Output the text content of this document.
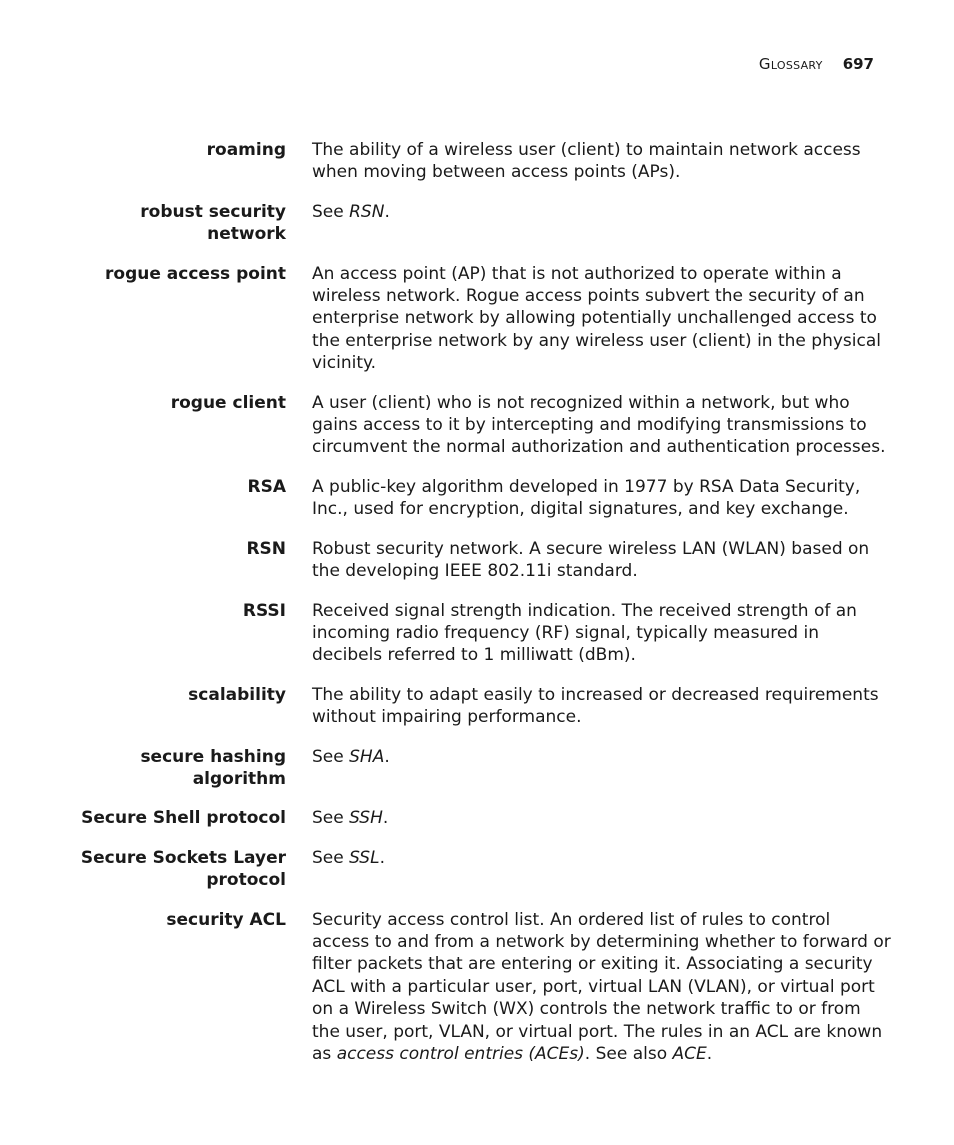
Glossary 697
roaming The ability of a wireless user (client) to maintain network access when moving between access points (APs).
robust security
network
See RSN.
rogue access point An access point (AP) that is not authorized to operate within a wireless network. Rogue access points subvert the security of an enterprise network by allowing potentially unchallenged access to the enterprise network by any wireless user (client) in the physical vicinity.
rogue client A user (client) who is not recognized within a network, but who gains access to it by intercepting and modifying transmissions to circumvent the normal authorization and authentication processes.
RSA A public-key algorithm developed in 1977 by RSA Data Security, Inc., used for encryption, digital signatures, and key exchange.
RSN Robust security network. A secure wireless LAN (WLAN) based on the developing IEEE 802.11i standard.
RSSI Received signal strength indication. The received strength of an incoming radio frequency (RF) signal, typically measured in decibels referred to 1 milliwatt (dBm).
scalability The ability to adapt easily to increased or decreased requirements without impairing performance.
secure hashing
algorithm
See SHA.
Secure Shell protocol See SSH.
Secure Sockets Layer
protocol
See SSL.
security ACL Security access control list. An ordered list of rules to control access to and from a network by determining whether to forward or filter packets that are entering or exiting it. Associating a security ACL with a particular user, port, virtual LAN (VLAN), or virtual port on a Wireless Switch (WX) controls the network traffic to or from the user, port, VLAN, or virtual port. The rules in an ACL are known as access control entries (ACEs). See also ACE.
